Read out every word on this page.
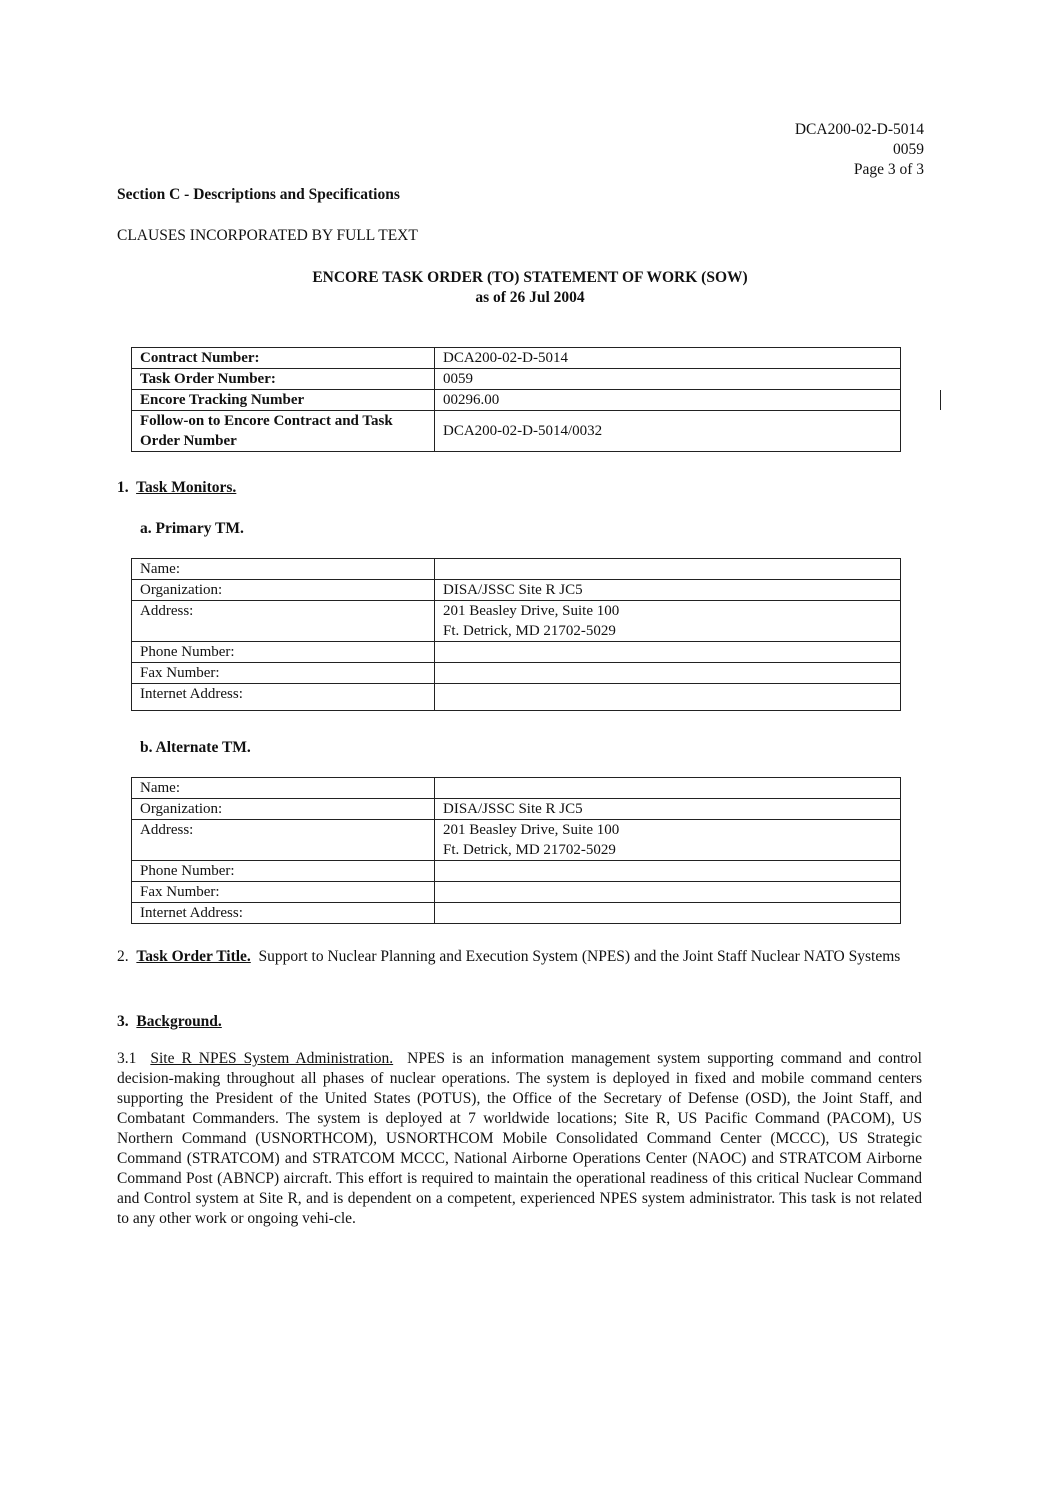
DCA200-02-D-5014
0059
Page 3 of 3
Section C - Descriptions and Specifications
CLAUSES INCORPORATED BY FULL TEXT
ENCORE TASK ORDER (TO) STATEMENT OF WORK (SOW)
as of 26 Jul 2004
Contract Number:	DCA200-02-D-5014
Task Order Number:	0059
Encore Tracking Number	00296.00
Follow-on to Encore Contract and Task Order Number	DCA200-02-D-5014/0032
1. Task Monitors.
a. Primary TM.
Name:	
Organization:	DISA/JSSC Site R JC5
Address:	201 Beasley Drive, Suite 100
Ft. Detrick, MD 21702-5029

Phone Number:	
Fax Number:	
Internet Address:	
b. Alternate TM.
Name:	
Organization:	DISA/JSSC Site R JC5
Address:	201 Beasley Drive, Suite 100
Ft. Detrick, MD 21702-5029

Phone Number:	
Fax Number:	
Internet Address:	
2. Task Order Title. Support to Nuclear Planning and Execution System (NPES) and the Joint Staff Nuclear NATO Systems
3. Background.
3.1 Site R NPES System Administration. NPES is an information management system supporting command and control decision-making throughout all phases of nuclear operations. The system is deployed in fixed and mobile command centers supporting the President of the United States (POTUS), the Office of the Secretary of Defense (OSD), the Joint Staff, and Combatant Commanders. The system is deployed at 7 worldwide locations; Site R, US Pacific Command (PACOM), US Northern Command (USNORTHCOM), USNORTHCOM Mobile Consolidated Command Center (MCCC), US Strategic Command (STRATCOM) and STRATCOM MCCC, National Airborne Operations Center (NAOC) and STRATCOM Airborne Command Post (ABNCP) aircraft. This effort is required to maintain the operational readiness of this critical Nuclear Command and Control system at Site R, and is dependent on a competent, experienced NPES system administrator. This task is not related to any other work or ongoing vehi-cle.
